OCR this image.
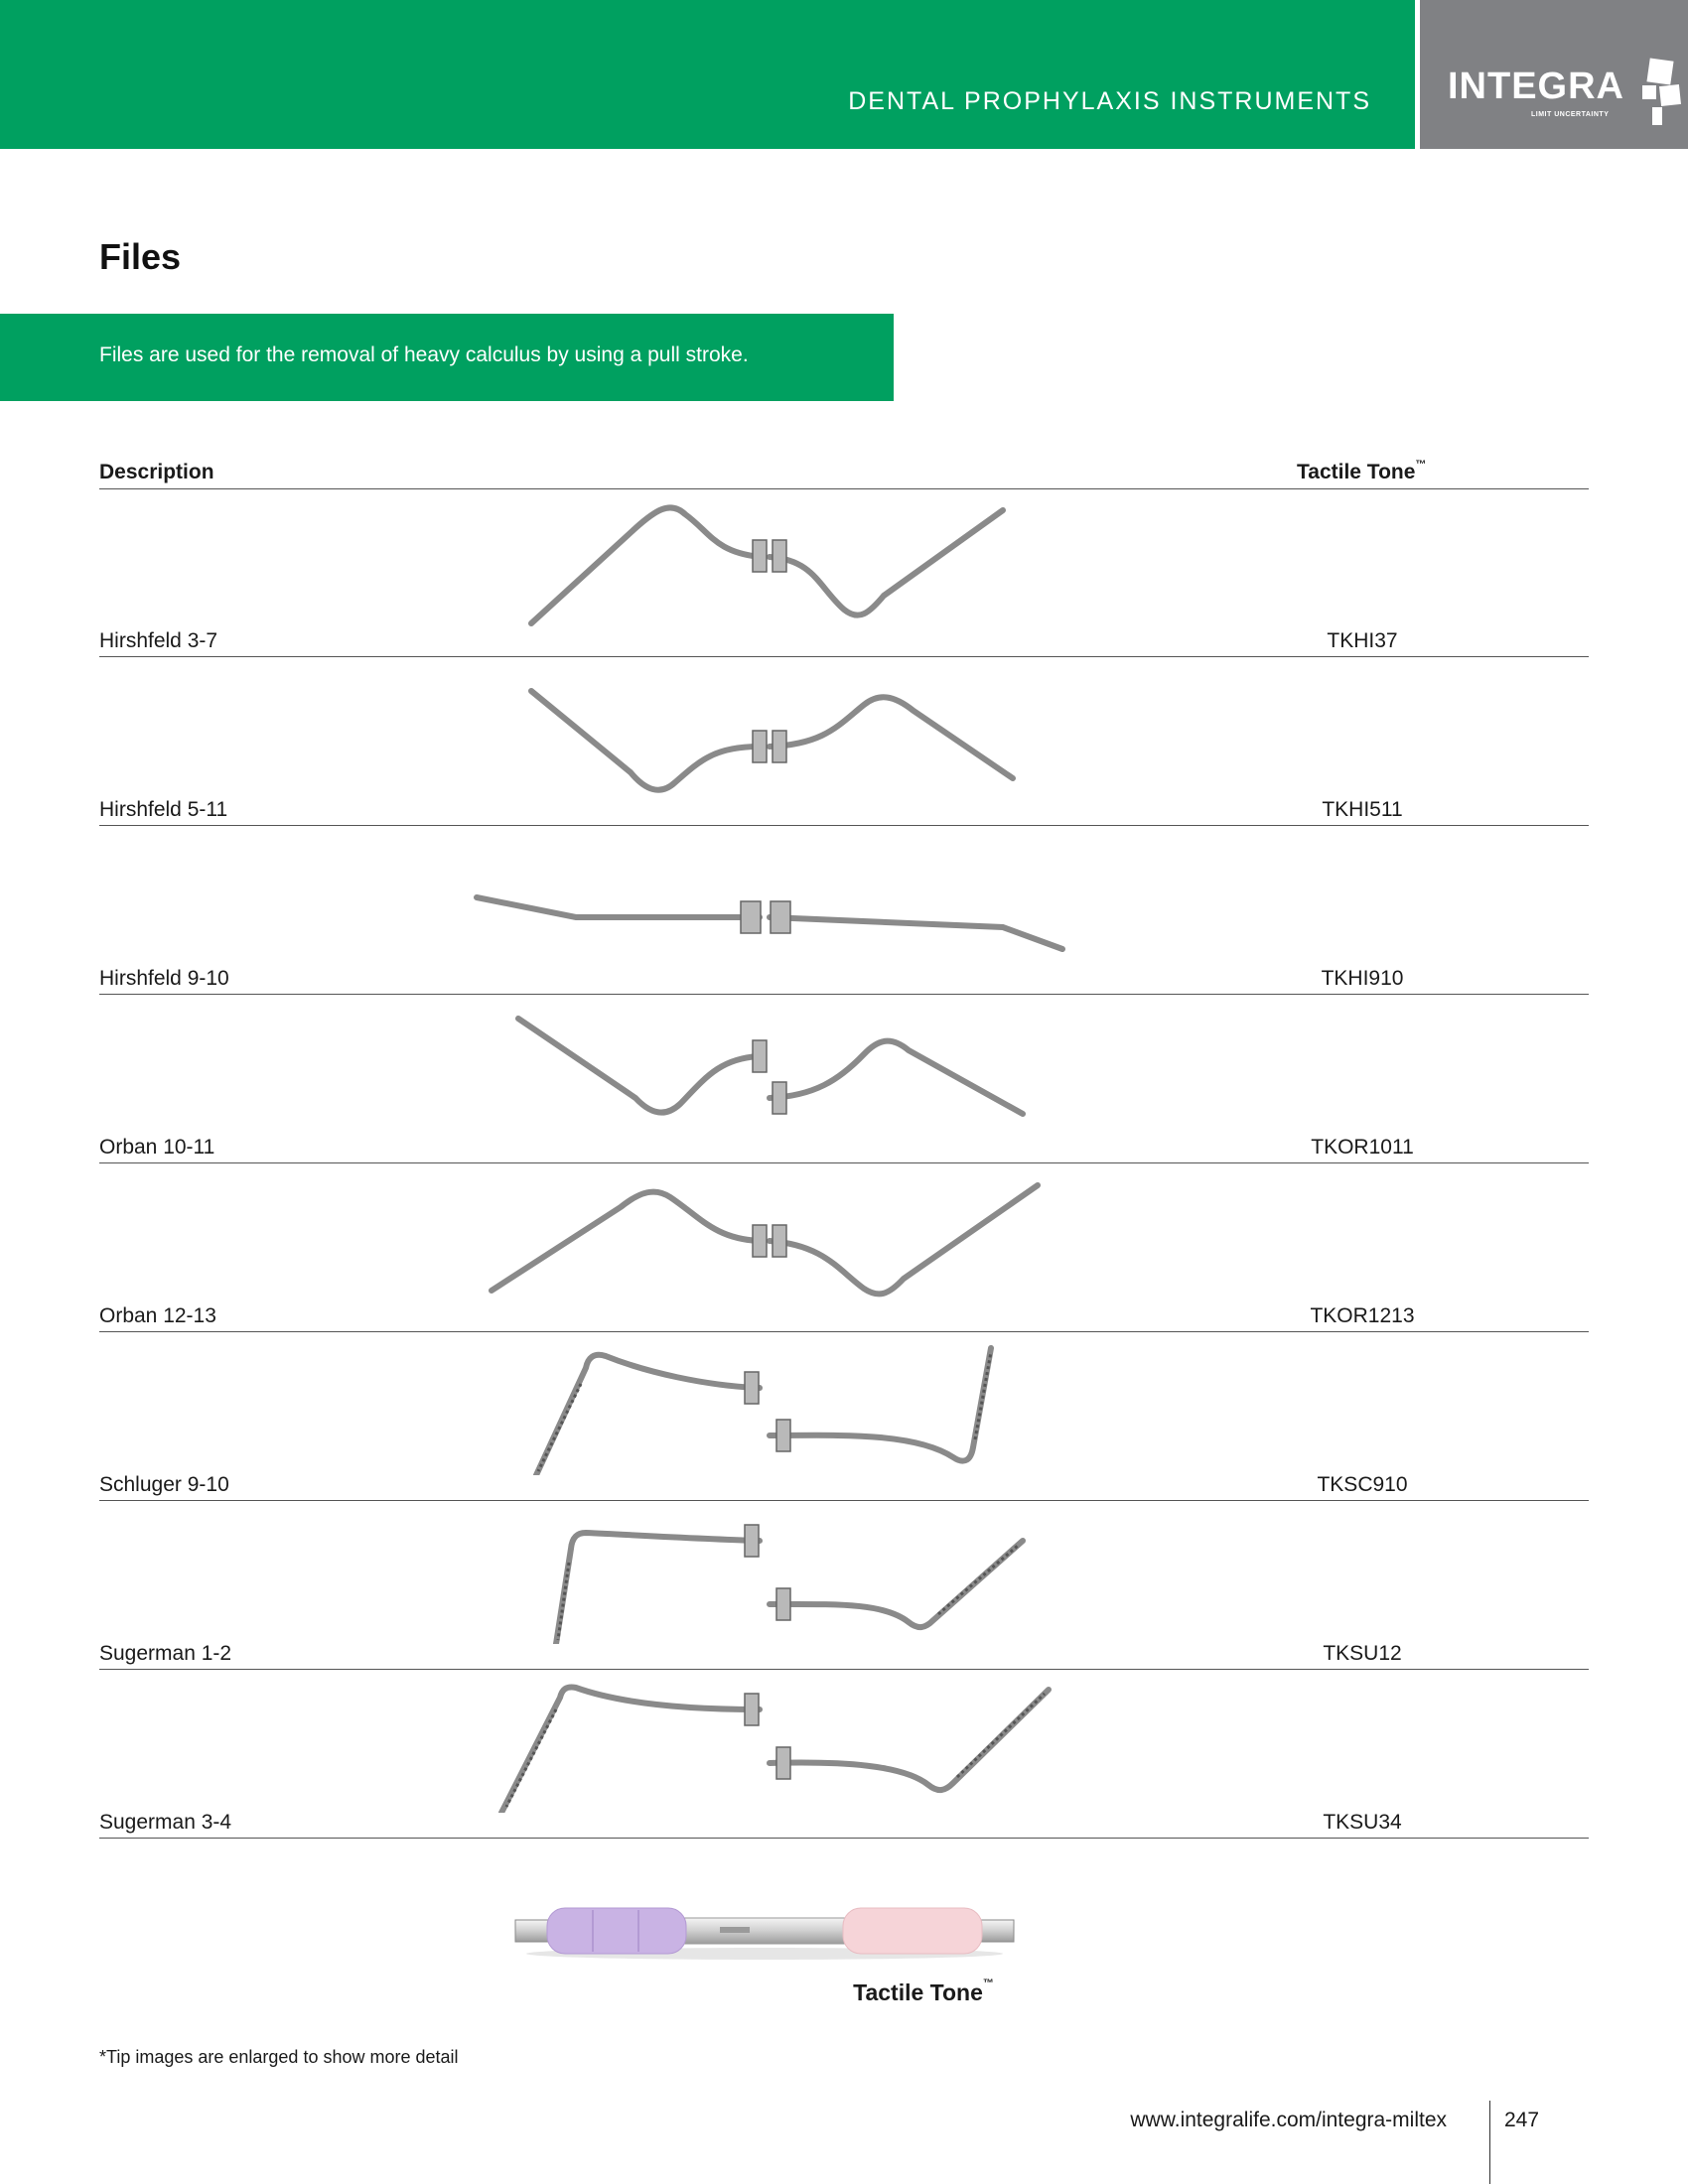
DENTAL PROPHYLAXIS INSTRUMENTS INTEGRA
LIMIT UNCERTAINTY
Files
Files are used for the removal of heavy calculus by using a pull stroke.
Description	Tactile Tone™
Hirshfeld 3-7	TKHI37
Hirshfeld 5-11	TKHI511
Hirshfeld 9-10	TKHI910
Orban 10-11	TKOR1011
Orban 12-13	TKOR1213
Schluger 9-10	TKSC910
Sugerman 1-2	TKSU12
Sugerman 3-4	TKSU34
Tactile Tone™
*Tip images are enlarged to show more detail
www.integralife.com/integra-miltex	247
